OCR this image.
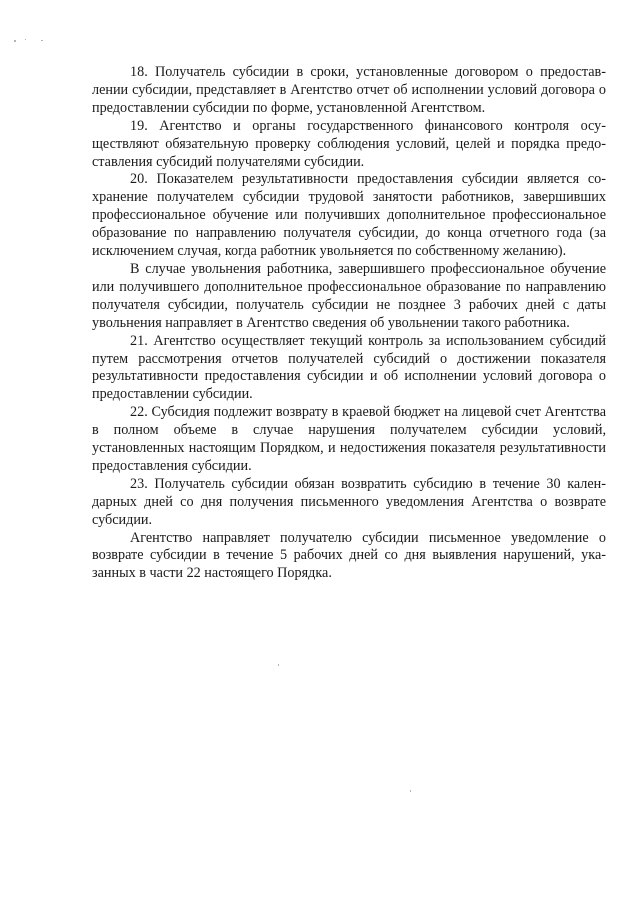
18. Получатель субсидии в сроки, установленные договором о предоставлении субсидии, представляет в Агентство отчет об исполнении условий договора о предоставлении субсидии по форме, установленной Агентством.

19. Агентство и органы государственного финансового контроля осуществляют обязательную проверку соблюдения условий, целей и порядка предоставления субсидий получателями субсидии.

20. Показателем результативности предоставления субсидии является сохранение получателем субсидии трудовой занятости работников, завершивших профессиональное обучение или получивших дополнительное профессиональное образование по направлению получателя субсидии, до конца отчетного года (за исключением случая, когда работник увольняется по собственному желанию).

В случае увольнения работника, завершившего профессиональное обучение или получившего дополнительное профессиональное образование по направлению получателя субсидии, получатель субсидии не позднее 3 рабочих дней с даты увольнения направляет в Агентство сведения об увольнении такого работника.

21. Агентство осуществляет текущий контроль за использованием субсидий путем рассмотрения отчетов получателей субсидий о достижении показателя результативности предоставления субсидии и об исполнении условий договора о предоставлении субсидии.

22. Субсидия подлежит возврату в краевой бюджет на лицевой счет Агентства в полном объеме в случае нарушения получателем субсидии условий, установленных настоящим Порядком, и недостижения показателя результативности предоставления субсидии.

23. Получатель субсидии обязан возвратить субсидию в течение 30 календарных дней со дня получения письменного уведомления Агентства о возврате субсидии.

Агентство направляет получателю субсидии письменное уведомление о возврате субсидии в течение 5 рабочих дней со дня выявления нарушений, указанных в части 22 настоящего Порядка.
